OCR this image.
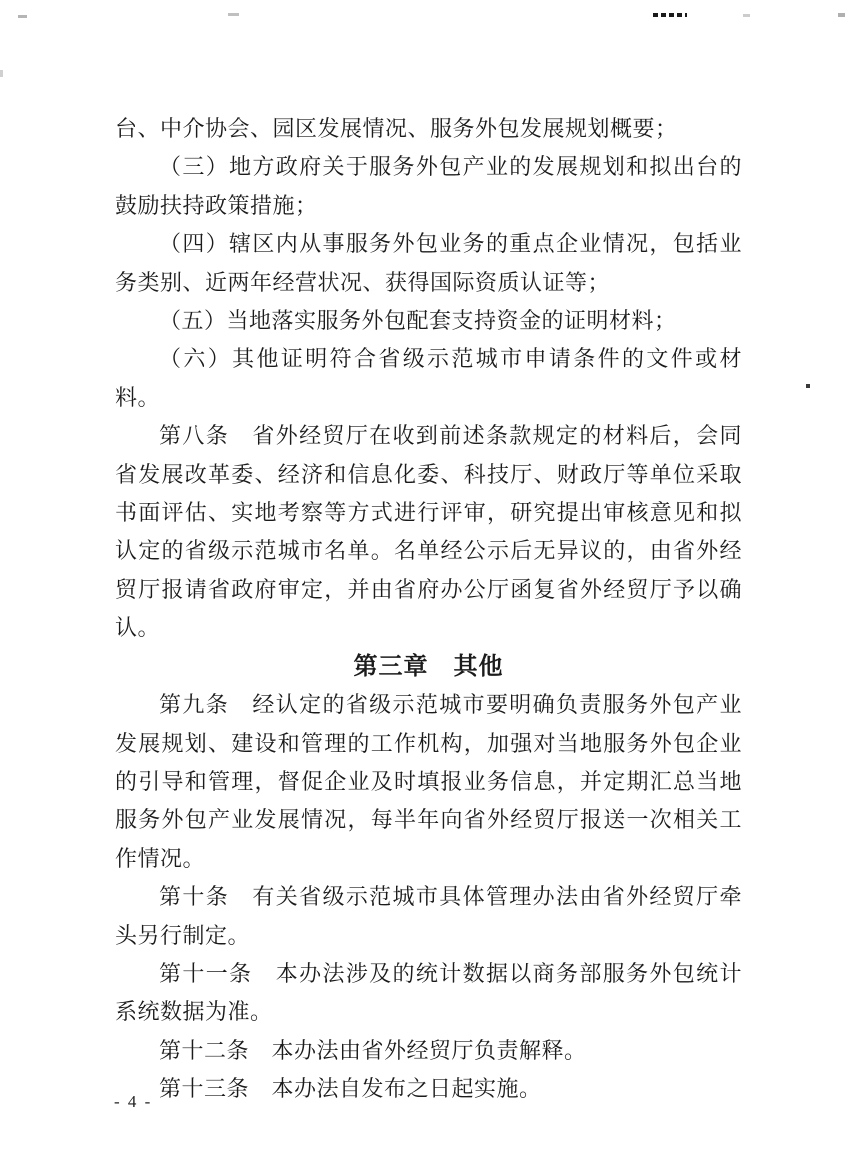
台、中介协会、园区发展情况、服务外包发展规划概要；

（三）地方政府关于服务外包产业的发展规划和拟出台的鼓励扶持政策措施；

（四）辖区内从事服务外包业务的重点企业情况，包括业务类别、近两年经营状况、获得国际资质认证等；

（五）当地落实服务外包配套支持资金的证明材料；

（六）其他证明符合省级示范城市申请条件的文件或材料。

第八条　省外经贸厅在收到前述条款规定的材料后，会同省发展改革委、经济和信息化委、科技厅、财政厅等单位采取书面评估、实地考察等方式进行评审，研究提出审核意见和拟认定的省级示范城市名单。名单经公示后无异议的，由省外经贸厅报请省政府审定，并由省府办公厅函复省外经贸厅予以确认。

第三章　其他

第九条　经认定的省级示范城市要明确负责服务外包产业发展规划、建设和管理的工作机构，加强对当地服务外包企业的引导和管理，督促企业及时填报业务信息，并定期汇总当地服务外包产业发展情况，每半年向省外经贸厅报送一次相关工作情况。

第十条　有关省级示范城市具体管理办法由省外经贸厅牵头另行制定。

第十一条　本办法涉及的统计数据以商务部服务外包统计系统数据为准。

第十二条　本办法由省外经贸厅负责解释。

第十三条　本办法自发布之日起实施。

- 4 -
